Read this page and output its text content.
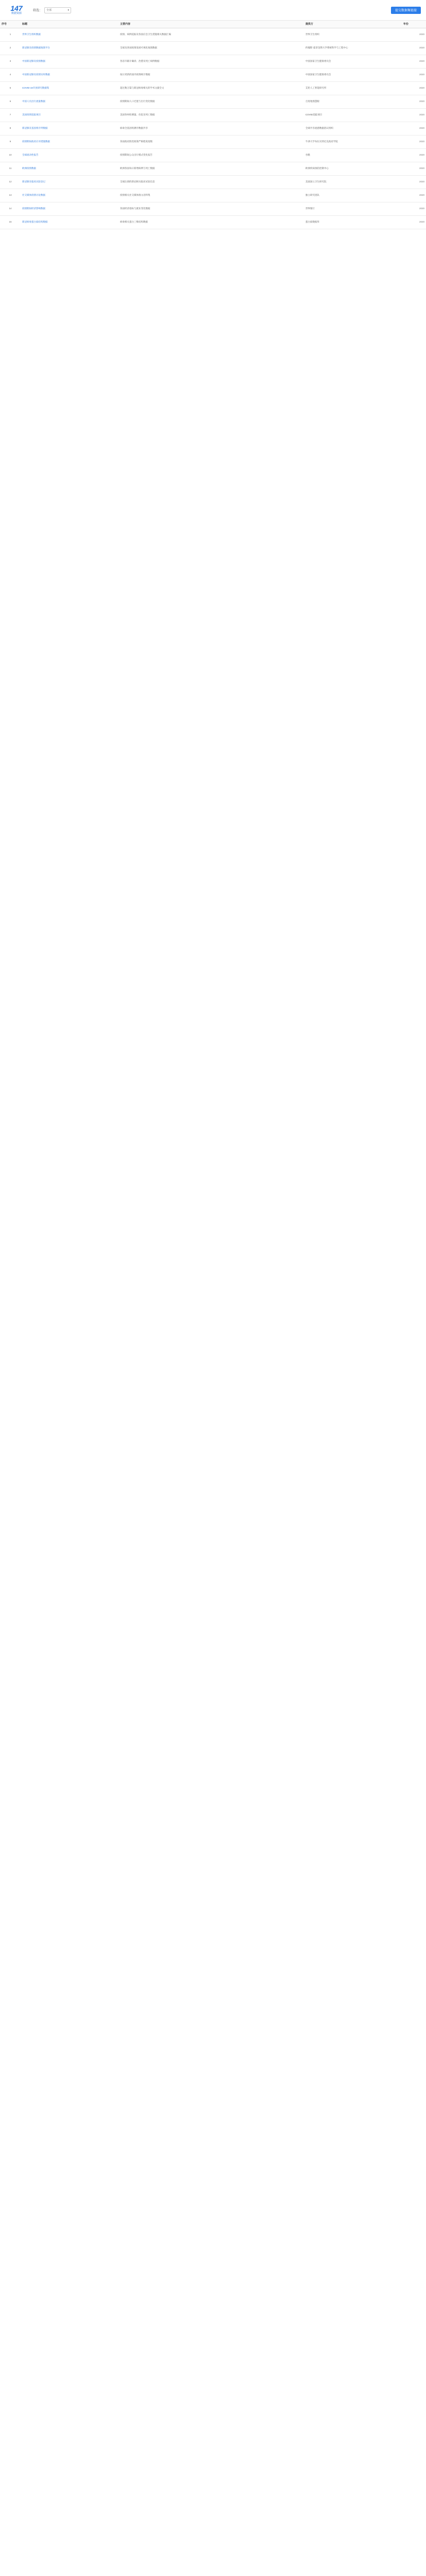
147
数据资源
筛选： 全部	▾	提交数据集链接
序号	标题	主要内容	提供方	年份
1	世界卫生组织数据	疫情、病例追踪及各国应急卫生措施相关数据汇编	世界卫生组织	2020
2	新冠肺炎疫情数据地图平台	全球及各国疫情发展可视化地图数据	约翰斯·霍普金斯大学系统科学与工程中心	2020
3	中国新冠肺炎疫情数据	各省市累计确诊、治愈及死亡病例数据	中国国家卫生健康委员会	2020
4	中国新冠肺炎疫情实时数据	按日更新的国内疫情统计数据	中国国家卫生健康委员会	2020
5	COVID-19开放研究数据集	超过数万篇与新冠病毒相关的学术文献全文	艾伦人工智能研究所	2020
6	中国人员出行流量数据	疫情期间人口迁徙与出行变化数据	百度地图慧眼	2020
7	美国疫情追踪项目	美国各州检测量、住院及死亡数据	COVID追踪项目	2020
8	新冠肺炎基因组序列数据	病毒全基因组测序数据共享	全球共享流感数据倡议组织	2020
9	疫情期间政府应对措施数据	各国政府防控政策严格程度指数	牛津大学布拉瓦特尼克政府学院	2020
10	全球流动性报告	疫情期间公众出行模式变化报告	谷歌	2020
11	欧洲疫情数据	欧洲各国每日新增病例与死亡数据	欧洲疾病预防控制中心	2020
12	新冠肺炎临床试验登记	全球注册的新冠相关临床试验信息	美国国立卫生研究院	2020
13	社交媒体疫情讨论数据	疫情相关社交媒体推文语料集	独立研究团队	2020
14	疫情期间经济影响数据	各国经济指标与就业变化数据	世界银行	2020
15	新冠病毒蛋白质结构数据	病毒相关蛋白三维结构数据	蛋白质数据库	2020
